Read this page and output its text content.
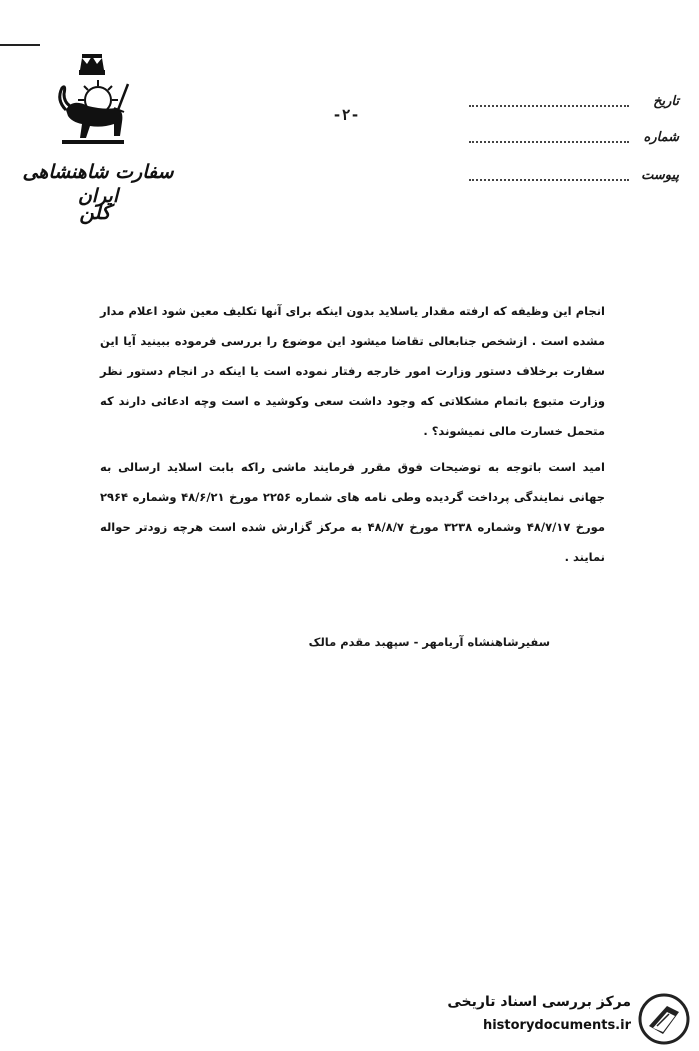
سفارت شاهنشاهی ایران
کلن
-۲-
تاریخ
شماره
پیوست

انجام این وظیفه که ارفته مقدار یاسلاید بدون اینکه برای آنها تکلیف معین شود اعلام مدار مشده است . ازشخص جنابعالی تقاضا میشود این موضوع را بررسی فرموده ببینید آیا این سفارت برخلاف دستور وزارت امور خارجه رفتار نموده است یا اینکه در انجام دستور نظر وزارت متبوع باتمام مشکلاتی که وجود داشت سعی وکوشید ه است وچه ادعائی دارند که متحمل خسارت مالی نمیشوند؟ .

امید است باتوجه به توضیحات فوق مقرر فرمایند ماشی راکه بابت اسلاید ارسالی به جهانی نمایندگی پرداخت گردیده وطی نامه های شماره ۲۲۵۶ مورخ ۴۸/۶/۲۱ وشماره ۲۹۶۴ مورخ ۴۸/۷/۱۷ وشماره ۳۲۳۸ مورخ ۴۸/۸/۷ به مرکز گزارش شده است هرچه زودتر حواله نمایند .

سفیرشاهنشاه آریامهر - سپهبد مقدم مالک
مرکز بررسی اسناد تاریخی
historydocuments.ir
